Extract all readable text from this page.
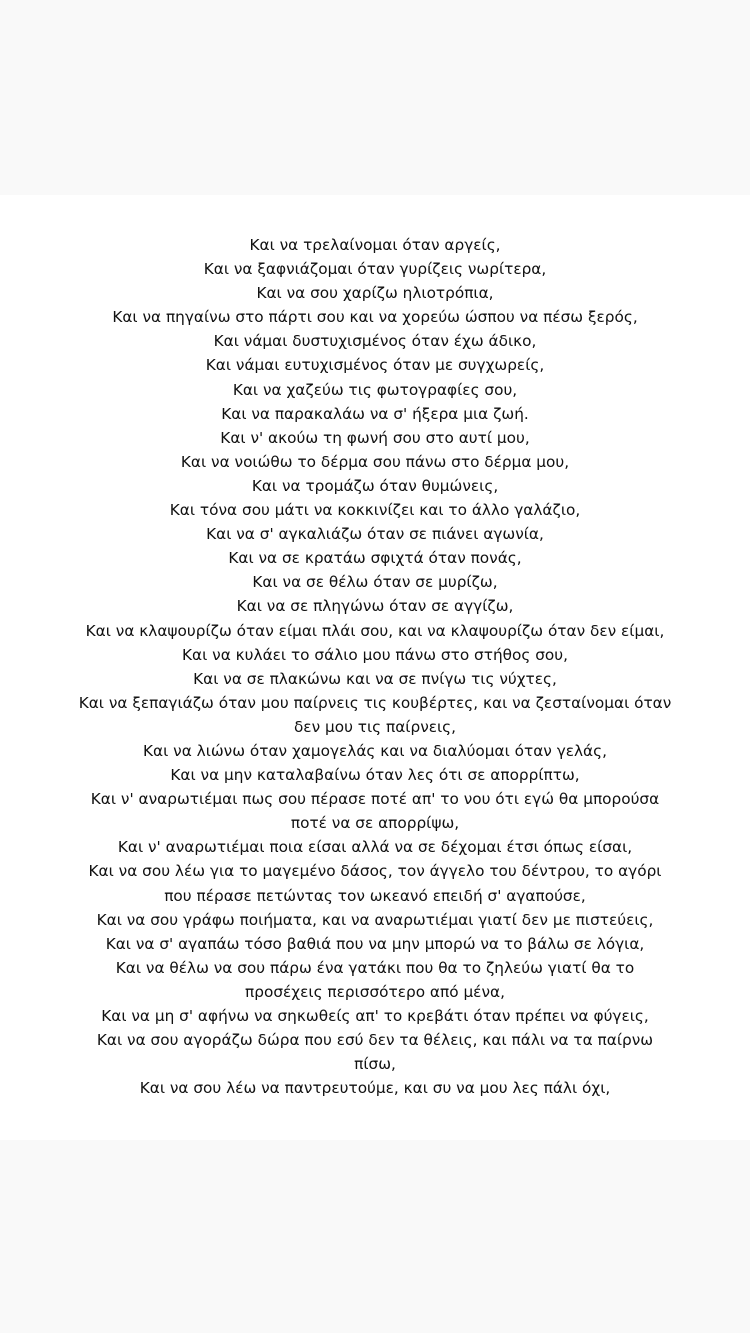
Και να τρελαίνομαι όταν αργείς,
Και να ξαφνιάζομαι όταν γυρίζεις νωρίτερα,
Και να σου χαρίζω ηλιοτρόπια,
Και να πηγαίνω στο πάρτι σου και να χορεύω ώσπου να πέσω ξερός,
Και νάμαι δυστυχισμένος όταν έχω άδικο,
Και νάμαι ευτυχισμένος όταν με συγχωρείς,
Και να χαζεύω τις φωτογραφίες σου,
Και να παρακαλάω να σ' ήξερα μια ζωή.
Και ν' ακούω τη φωνή σου στο αυτί μου,
Και να νοιώθω το δέρμα σου πάνω στο δέρμα μου,
Και να τρομάζω όταν θυμώνεις,
Και τόνα σου μάτι να κοκκινίζει και το άλλο γαλάζιο,
Και να σ' αγκαλιάζω όταν σε πιάνει αγωνία,
Και να σε κρατάω σφιχτά όταν πονάς,
Και να σε θέλω όταν σε μυρίζω,
Και να σε πληγώνω όταν σε αγγίζω,
Και να κλαψουρίζω όταν είμαι πλάι σου, και να κλαψουρίζω όταν δεν είμαι,
Και να κυλάει το σάλιο μου πάνω στο στήθος σου,
Και να σε πλακώνω και να σε πνίγω τις νύχτες,
Και να ξεπαγιάζω όταν μου παίρνεις τις κουβέρτες, και να ζεσταίνομαι όταν
δεν μου τις παίρνεις,
Και να λιώνω όταν χαμογελάς και να διαλύομαι όταν γελάς,
Και να μην καταλαβαίνω όταν λες ότι σε απορρίπτω,
Και ν' αναρωτιέμαι πως σου πέρασε ποτέ απ' το νου ότι εγώ θα μπορούσα
ποτέ να σε απορρίψω,
Και ν' αναρωτιέμαι ποια είσαι αλλά να σε δέχομαι έτσι όπως είσαι,
Και να σου λέω για το μαγεμένο δάσος, τον άγγελο του δέντρου, το αγόρι
που πέρασε πετώντας τον ωκεανό επειδή σ' αγαπούσε,
Και να σου γράφω ποιήματα, και να αναρωτιέμαι γιατί δεν με πιστεύεις,
Και να σ' αγαπάω τόσο βαθιά που να μην μπορώ να το βάλω σε λόγια,
Και να θέλω να σου πάρω ένα γατάκι που θα το ζηλεύω γιατί θα το
προσέχεις περισσότερο από μένα,
Και να μη σ' αφήνω να σηκωθείς απ' το κρεβάτι όταν πρέπει να φύγεις,
Και να σου αγοράζω δώρα που εσύ δεν τα θέλεις, και πάλι να τα παίρνω
πίσω,
Και να σου λέω να παντρευτούμε, και συ να μου λες πάλι όχι,
